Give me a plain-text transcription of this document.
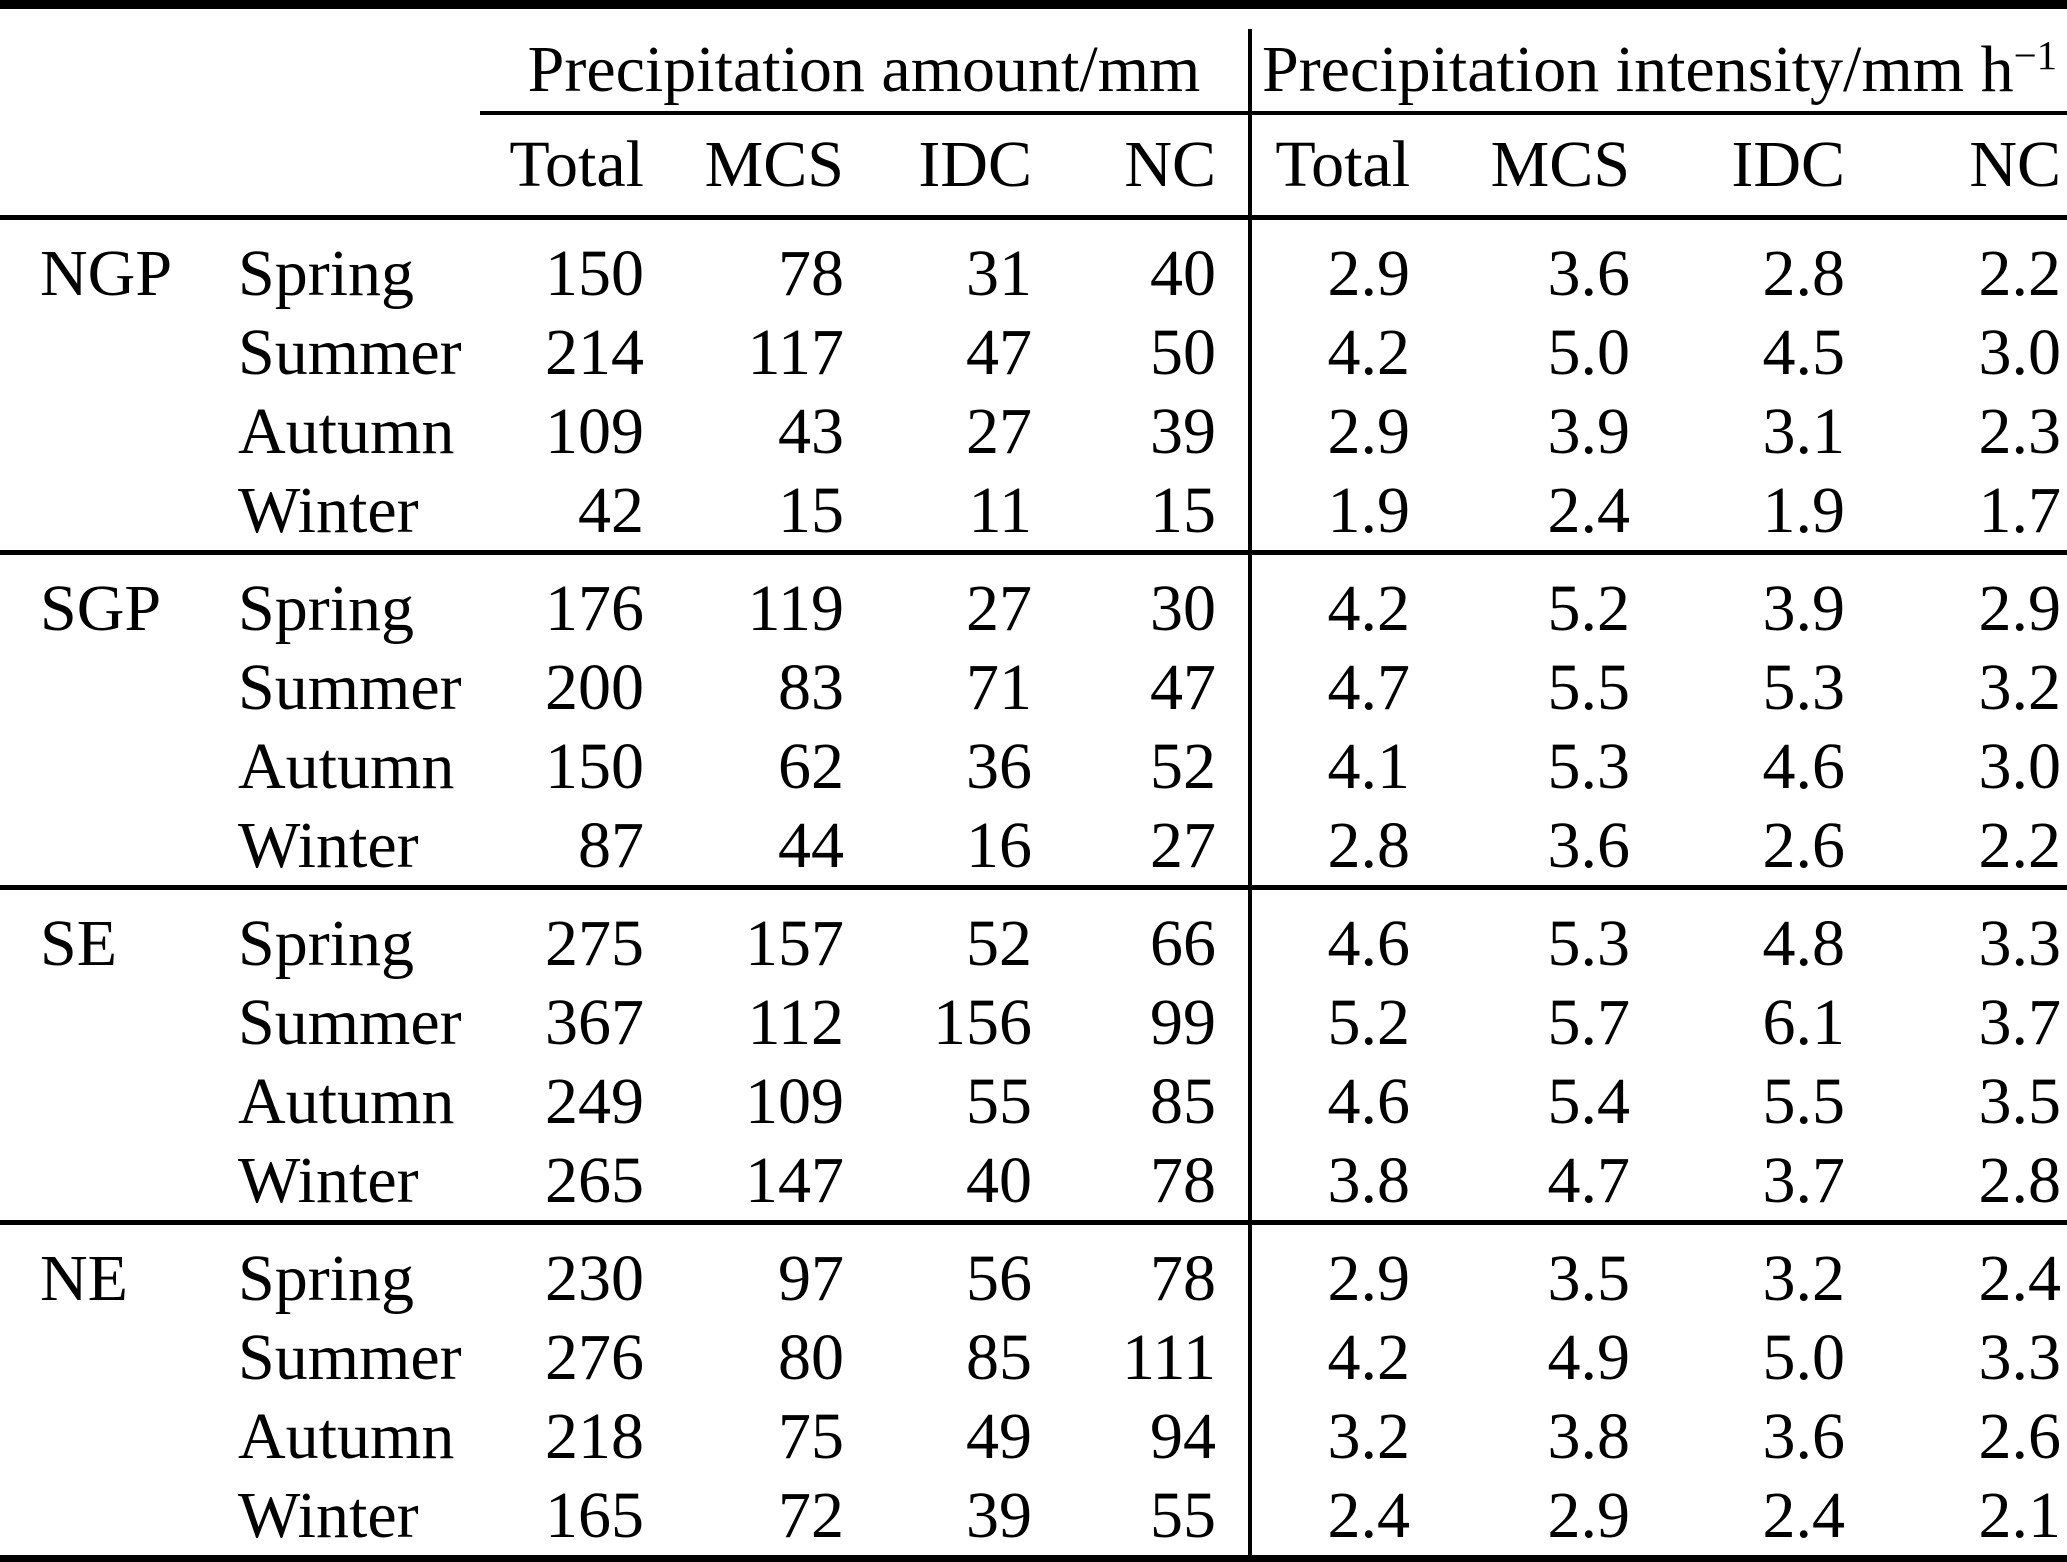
		Precipitation amount/mm				Precipitation intensity/mm $h^{-1}$
		Total	MCS	IDC	NC	Total	MCS	IDC	NC
NGP	Spring	150	78	31	40	2.9	3.6	2.8	2.2
	Summer	214	117	47	50	4.2	5.0	4.5	3.0
	Autumn	109	43	27	39	2.9	3.9	3.1	2.3
	Winter	42	15	11	15	1.9	2.4	1.9	1.7
SGP	Spring	176	119	27	30	4.2	5.2	3.9	2.9
	Summer	200	83	71	47	4.7	5.5	5.3	3.2
	Autumn	150	62	36	52	4.1	5.3	4.6	3.0
	Winter	87	44	16	27	2.8	3.6	2.6	2.2
SE	Spring	275	157	52	66	4.6	5.3	4.8	3.3
	Summer	367	112	156	99	5.2	5.7	6.1	3.7
	Autumn	249	109	55	85	4.6	5.4	5.5	3.5
	Winter	265	147	40	78	3.8	4.7	3.7	2.8
NE	Spring	230	97	56	78	2.9	3.5	3.2	2.4
	Summer	276	80	85	111	4.2	4.9	5.0	3.3
	Autumn	218	75	49	94	3.2	3.8	3.6	2.6
	Winter	165	72	39	55	2.4	2.9	2.4	2.1
